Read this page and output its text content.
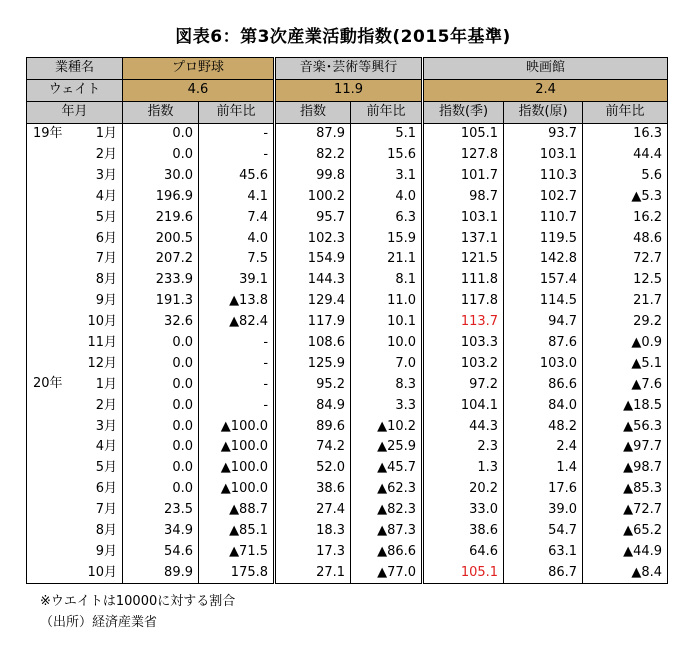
図表6：第3次産業活動指数(2015年基準)
業種名	プロ野球		音楽･芸術等興行		映画館		
ウェイト	4.6		11.9		2.4		
年月	指数	前年比	指数	前年比	指数(季)	指数(原)	前年比

19年 1月	0.0	-	87.9	5.1	105.1	93.7	16.3

2月	0.0	-	82.2	15.6	127.8	103.1	44.4

3月	30.0	45.6	99.8	3.1	101.7	110.3	5.6

4月	196.9	4.1	100.2	4.0	98.7	102.7	▲5.3

5月	219.6	7.4	95.7	6.3	103.1	110.7	16.2

6月	200.5	4.0	102.3	15.9	137.1	119.5	48.6

7月	207.2	7.5	154.9	21.1	121.5	142.8	72.7

8月	233.9	39.1	144.3	8.1	111.8	157.4	12.5

9月	191.3	▲13.8	129.4	11.0	117.8	114.5	21.7

10月	32.6	▲82.4	117.9	10.1	113.7	94.7	29.2

11月	0.0	-	108.6	10.0	103.3	87.6	▲0.9

12月	0.0	-	125.9	7.0	103.2	103.0	▲5.1

20年 1月	0.0	-	95.2	8.3	97.2	86.6	▲7.6

2月	0.0	-	84.9	3.3	104.1	84.0	▲18.5

3月	0.0	▲100.0	89.6	▲10.2	44.3	48.2	▲56.3

4月	0.0	▲100.0	74.2	▲25.9	2.3	2.4	▲97.7

5月	0.0	▲100.0	52.0	▲45.7	1.3	1.4	▲98.7

6月	0.0	▲100.0	38.6	▲62.3	20.2	17.6	▲85.3

7月	23.5	▲88.7	27.4	▲82.3	33.0	39.0	▲72.7

8月	34.9	▲85.1	18.3	▲87.3	38.6	54.7	▲65.2

9月	54.6	▲71.5	17.3	▲86.6	64.6	63.1	▲44.9

10月	89.9	175.8	27.1	▲77.0	105.1	86.7	▲8.4
※ウエイトは10000に対する割合
（出所）経済産業省
